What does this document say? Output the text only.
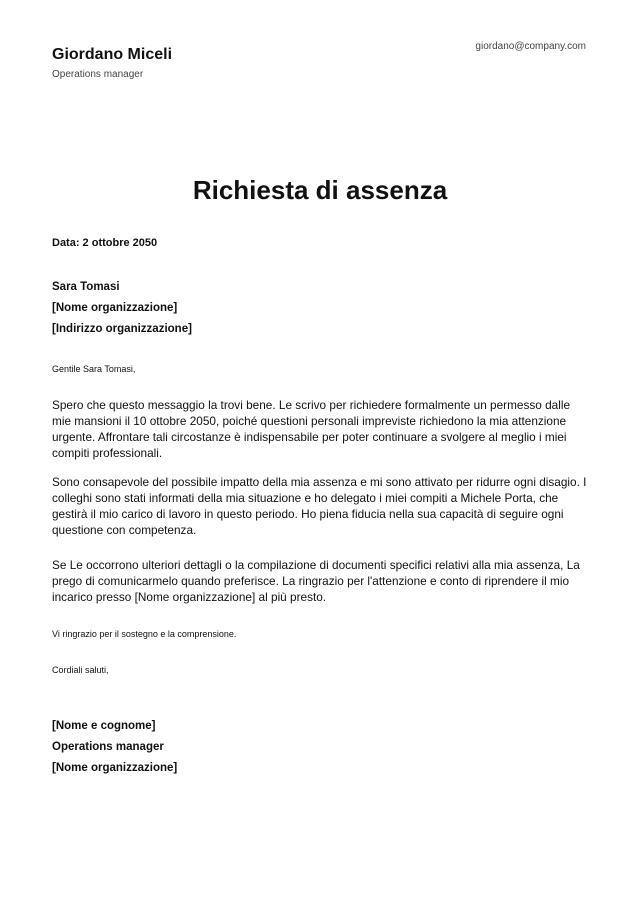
Giordano Miceli
Operations manager
giordano@company.com
Richiesta di assenza
Data: 2 ottobre 2050
Sara Tomasi
[Nome organizzazione]
[Indirizzo organizzazione]
Gentile Sara Tomasi,

Spero che questo messaggio la trovi bene. Le scrivo per richiedere formalmente un permesso dalle mie mansioni il 10 ottobre 2050, poiché questioni personali impreviste richiedono la mia attenzione urgente. Affrontare tali circostanze è indispensabile per poter continuare a svolgere al meglio i miei compiti professionali.

Sono consapevole del possibile impatto della mia assenza e mi sono attivato per ridurre ogni disagio. I colleghi sono stati informati della mia situazione e ho delegato i miei compiti a Michele Porta, che gestirà il mio carico di lavoro in questo periodo. Ho piena fiducia nella sua capacità di seguire ogni questione con competenza.

Se Le occorrono ulteriori dettagli o la compilazione di documenti specifici relativi alla mia assenza, La prego di comunicarmelo quando preferisce. La ringrazio per l'attenzione e conto di riprendere il mio incarico presso [Nome organizzazione] al più presto.

Vi ringrazio per il sostegno e la comprensione.
Cordiali saluti,
[Nome e cognome]
Operations manager
[Nome organizzazione]
